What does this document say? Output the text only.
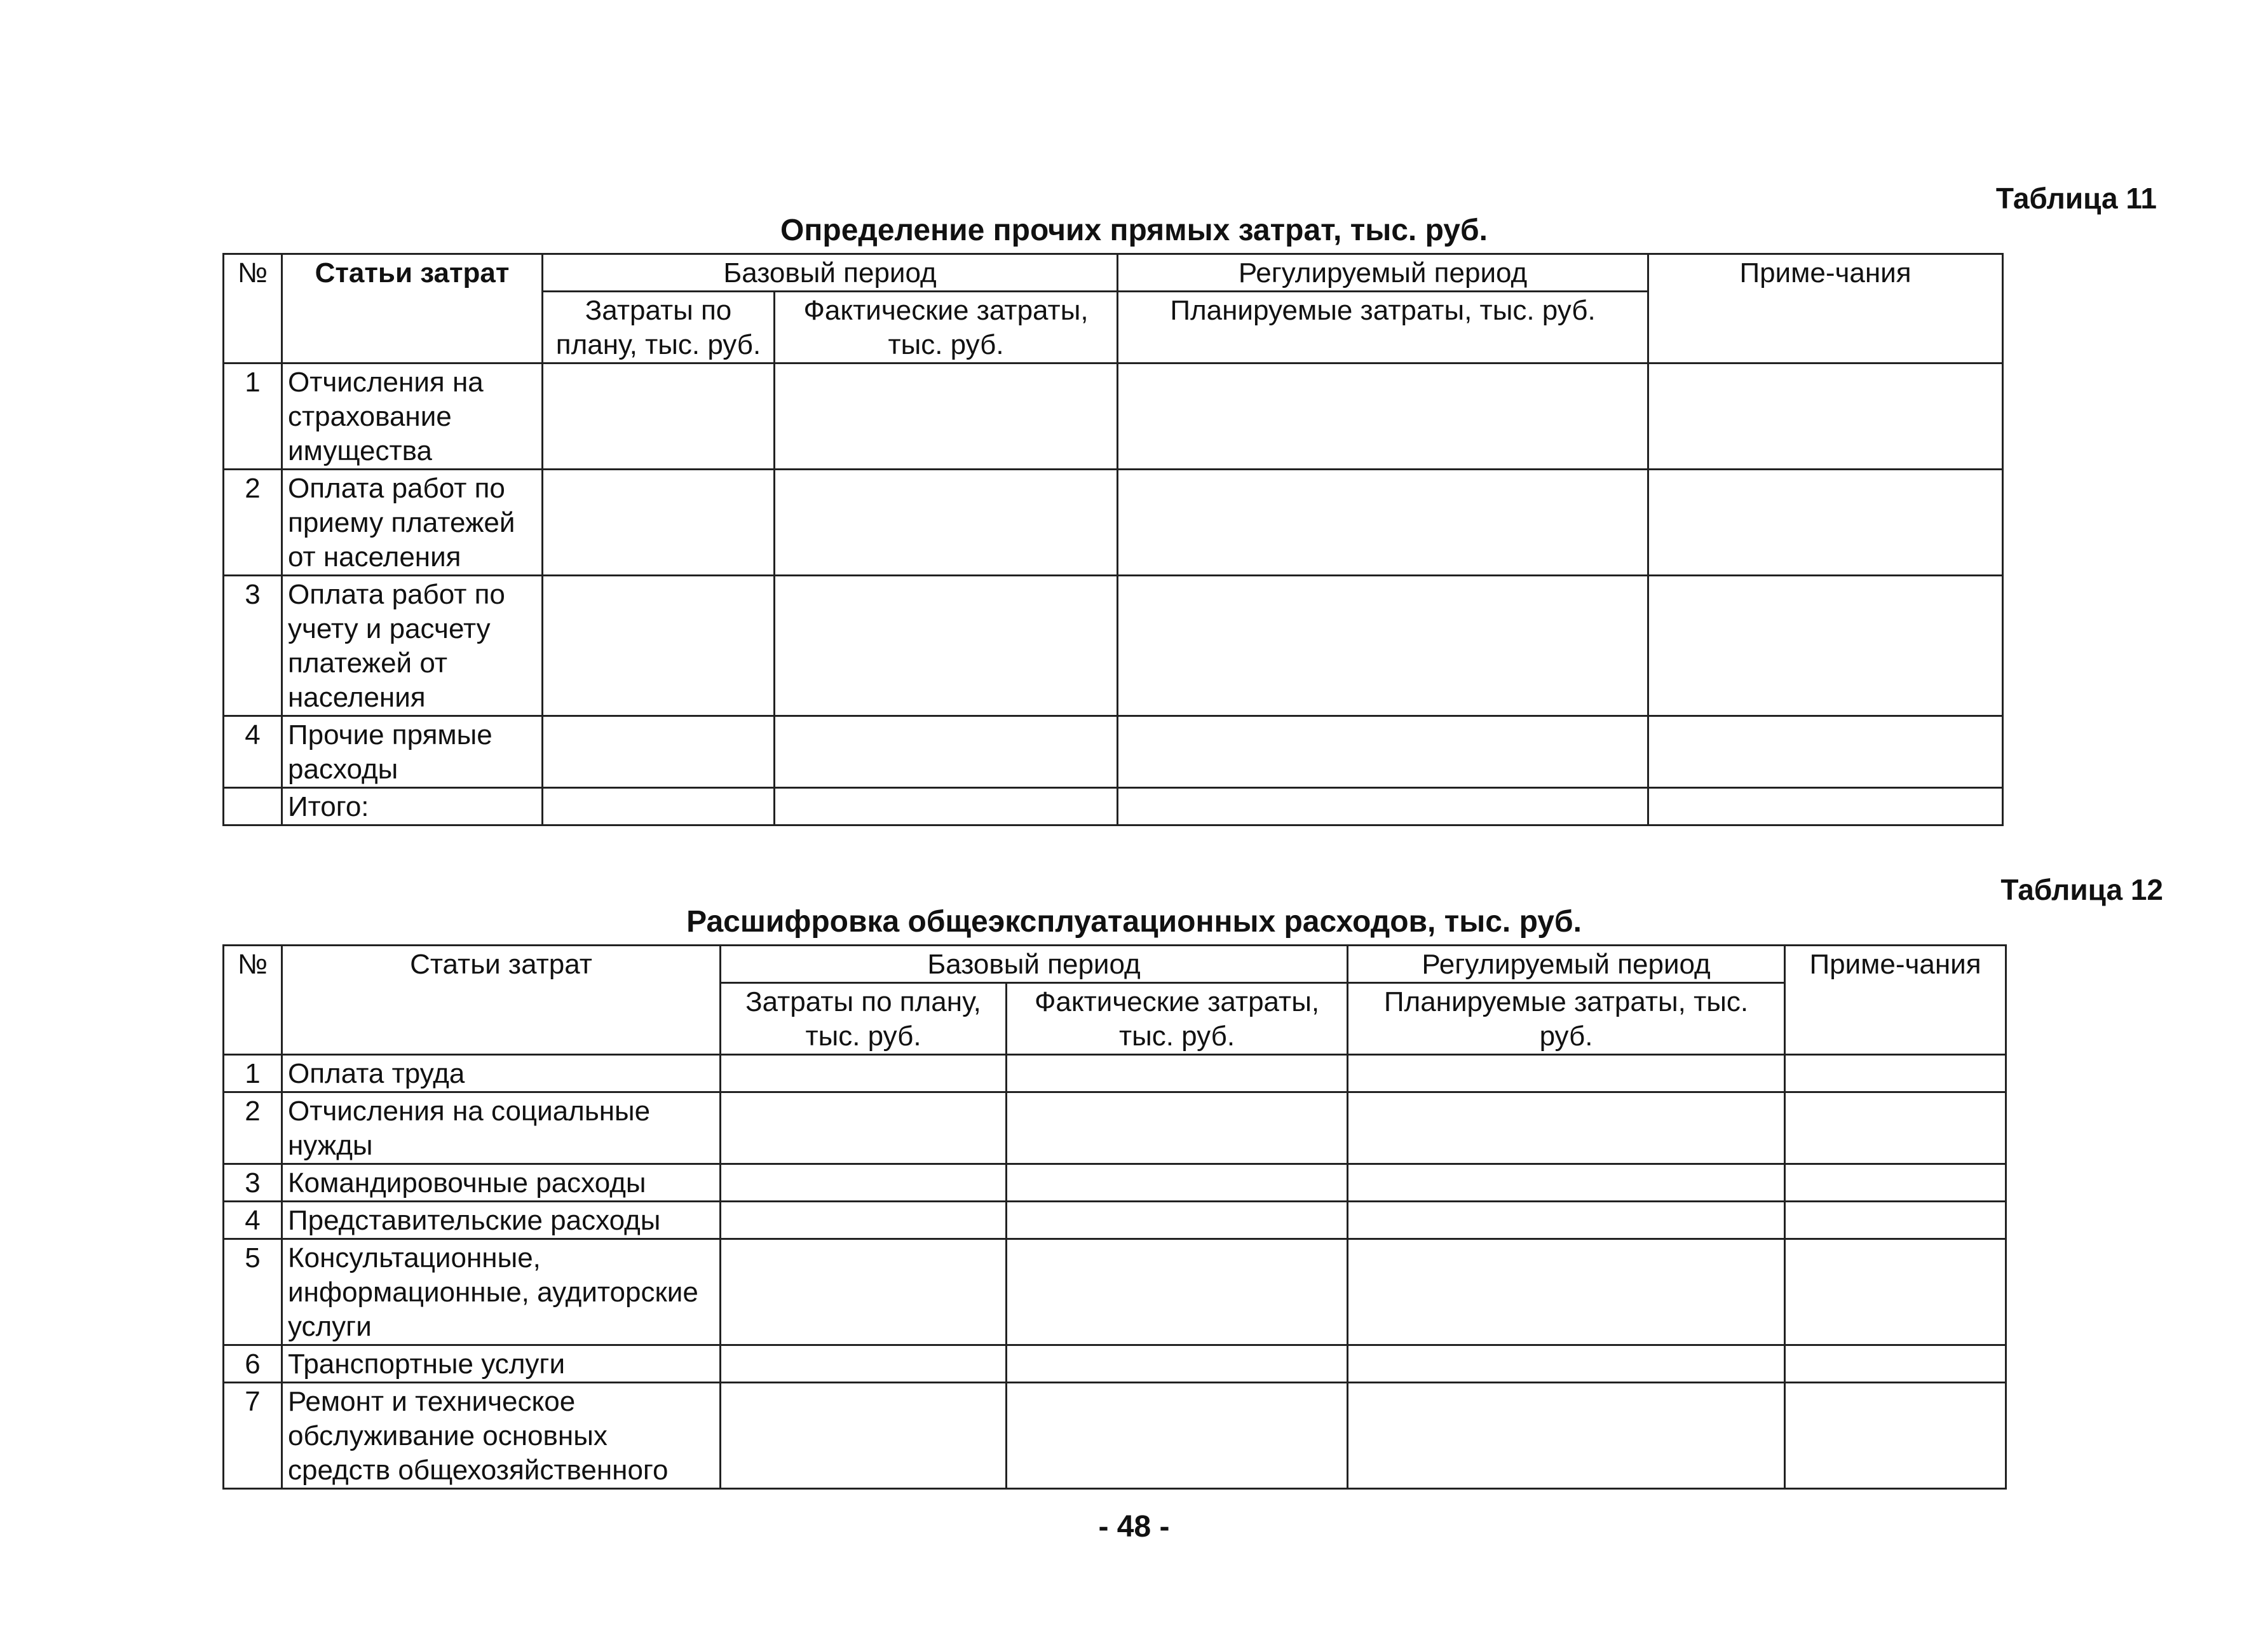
Таблица 11
Определение прочих прямых затрат, тыс. руб.
№	Статьи затрат	Базовый период		Регулируемый период	Приме-чания
		Затраты по плану, тыс. руб.	Фактические затраты, тыс. руб.	Планируемые затраты, тыс. руб.	
1	Отчисления на страхование имущества				
2	Оплата работ по приему платежей от населения				
3	Оплата работ по учету и расчету платежей от населения				
4	Прочие прямые расходы				
	Итого:				
Таблица 12
Расшифровка общеэксплуатационных расходов, тыс. руб.
№	Статьи затрат	Базовый период		Регулируемый период	Приме-чания
		Затраты по плану, тыс. руб.	Фактические затраты, тыс. руб.	Планируемые затраты, тыс. руб.	
1	Оплата труда				
2	Отчисления на социальные нужды				
3	Командировочные расходы				
4	Представительские расходы				
5	Консультационные, информационные, аудиторские услуги				
6	Транспортные услуги				
7	Ремонт и техническое обслуживание основных средств общехозяйственного				
- 48 -
